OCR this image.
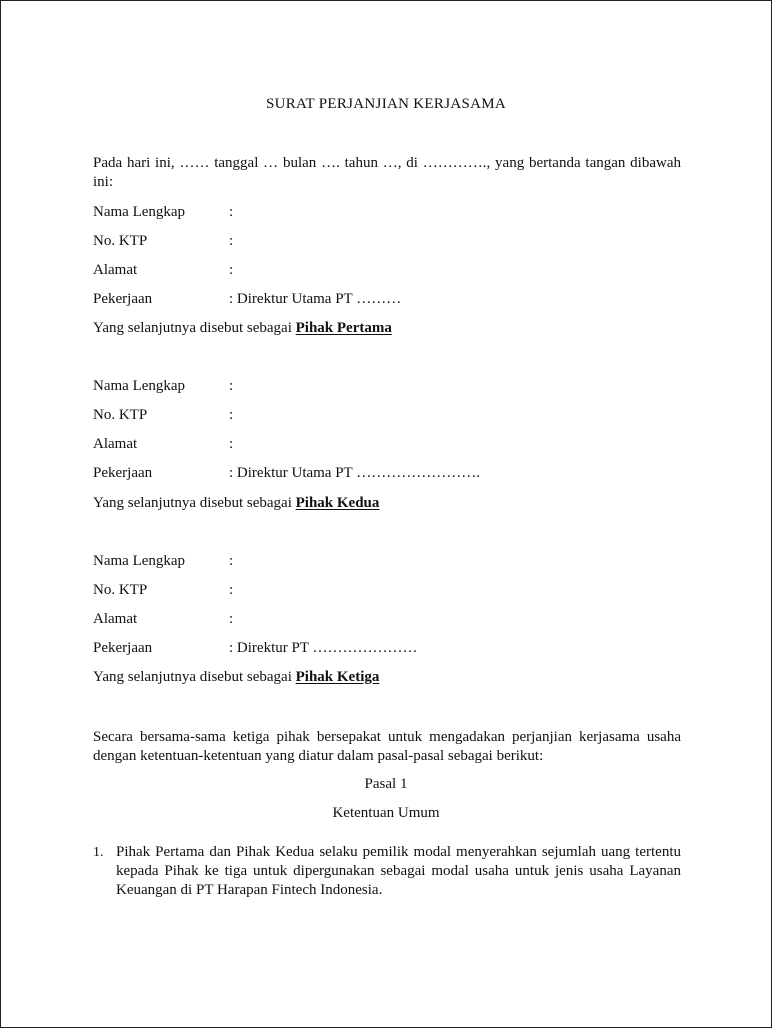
SURAT PERJANJIAN KERJASAMA
Pada hari ini, …… tanggal … bulan …. tahun …, di …………., yang bertanda tangan dibawah ini:
Nama Lengkap	:
No. KTP	:
Alamat	:
Pekerjaan	: Direktur Utama PT ………
Yang selanjutnya disebut sebagai Pihak Pertama
Nama Lengkap	:
No. KTP	:
Alamat	:
Pekerjaan	: Direktur Utama PT …………………….
Yang selanjutnya disebut sebagai Pihak Kedua
Nama Lengkap	:
No. KTP	:
Alamat	:
Pekerjaan	: Direktur PT …………………
Yang selanjutnya disebut sebagai Pihak Ketiga
Secara bersama-sama ketiga pihak bersepakat untuk mengadakan perjanjian kerjasama usaha dengan ketentuan-ketentuan yang diatur dalam pasal-pasal sebagai berikut:
Pasal 1
Ketentuan Umum
1. Pihak Pertama dan Pihak Kedua selaku pemilik modal menyerahkan sejumlah uang tertentu kepada Pihak ke tiga untuk dipergunakan sebagai modal usaha untuk jenis usaha Layanan Keuangan di PT Harapan Fintech Indonesia.
